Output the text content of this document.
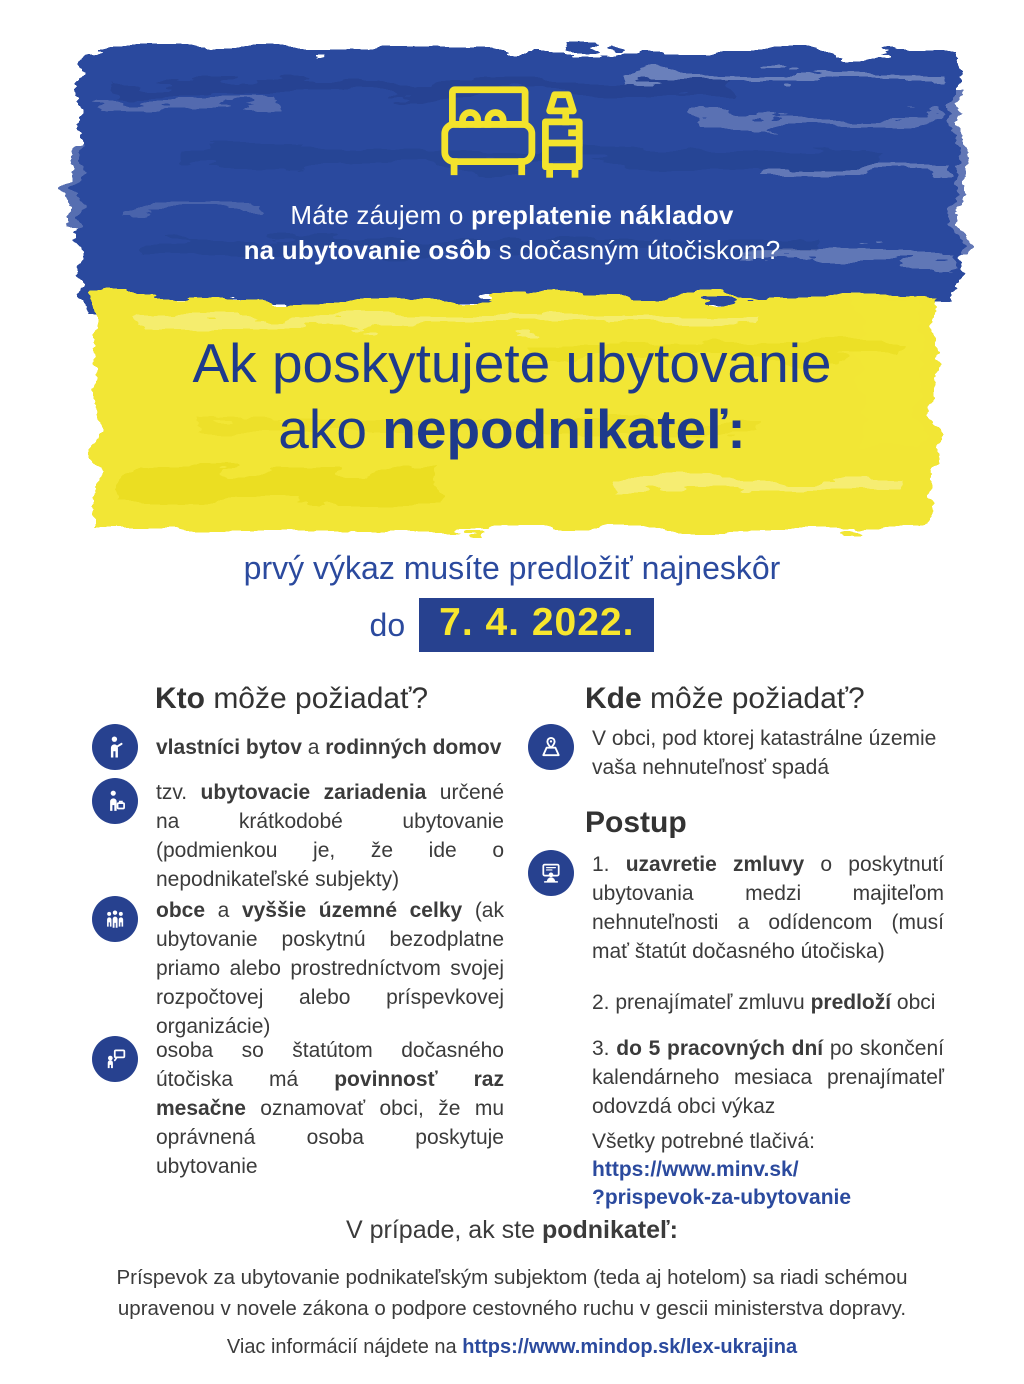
Máte záujem o preplatenie nákladov
na ubytovanie osôb s dočasným útočiskom?
Ak poskytujete ubytovanie
ako nepodnikateľ:
prvý výkaz musíte predložiť najneskôr
do 7. 4. 2022.
Kto môže požiadať?

vlastníci bytov a rodinných domov

tzv. ubytovacie zariadenia určené na krátkodobé ubytovanie (podmienkou je, že ide o nepodnikateľské subjekty)

obce a vyššie územné celky (ak ubytovanie poskytnú bezodplatne priamo alebo prostredníctvom svojej rozpočtovej alebo príspevkovej organizácie)

osoba so štatútom dočasného útočiska má povinnosť raz mesačne oznamovať obci, že mu oprávnená osoba poskytuje ubytovanie

Kde môže požiadať?

V obci, pod ktorej katastrálne územie vaša nehnuteľnosť spadá

Postup

1. uzavretie zmluvy o poskytnutí ubytovania medzi majiteľom nehnuteľnosti a odídencom (musí mať štatút dočasného útočiska)

2. prenajímateľ zmluvu predloží obci

3. do 5 pracovných dní po skončení kalendárneho mesiaca prenajímateľ odovzdá obci výkaz

Všetky potrebné tlačivá:
https://www.minv.sk/
?prispevok-za-ubytovanie
V prípade, ak ste podnikateľ:
Príspevok za ubytovanie podnikateľským subjektom (teda aj hotelom) sa riadi schémou upravenou v novele zákona o podpore cestovného ruchu v gescii ministerstva dopravy.
Viac informácií nájdete na https://www.mindop.sk/lex-ukrajina
